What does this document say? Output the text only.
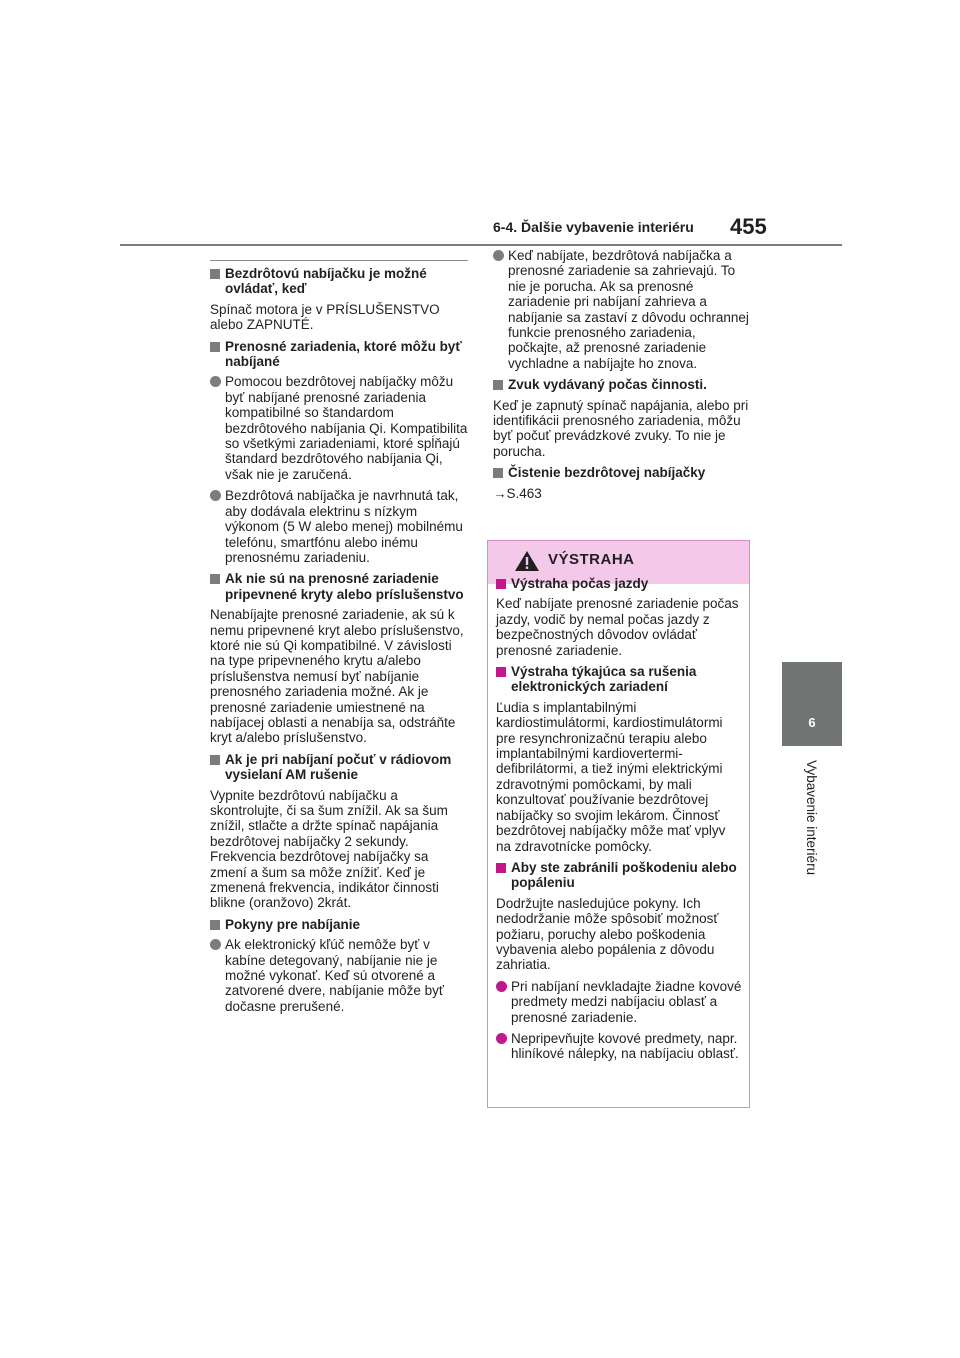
6-4. Ďalšie vybavenie interiéru 455
6
Vybavenie interiéru
Bezdrôtovú nabíjačku je možné ovládať, keď
Spínač motora je v PRÍSLUŠENSTVO alebo ZAPNUTÉ.
Prenosné zariadenia, ktoré môžu byť nabíjané
Pomocou bezdrôtovej nabíjačky môžu byť nabíjané prenosné zariadenia kompatibilné so štandardom bezdrôtového nabíjania Qi. Kompatibilita so všetkými zariadeniami, ktoré spĺňajú štandard bezdrôtového nabíjania Qi, však nie je zaručená.
Bezdrôtová nabíjačka je navrhnutá tak, aby dodávala elektrinu s nízkym výkonom (5 W alebo menej) mobilnému telefónu, smartfónu alebo inému prenosnému zariadeniu.
Ak nie sú na prenosné zariadenie pripevnené kryty alebo príslušenstvo
Nenabíjajte prenosné zariadenie, ak sú k nemu pripevnené kryt alebo príslušenstvo, ktoré nie sú Qi kompatibilné. V závislosti na type pripevneného krytu a/alebo príslušenstva nemusí byť nabíjanie prenosného zariadenia možné. Ak je prenosné zariadenie umiestnené na nabíjacej oblasti a nenabíja sa, odstráňte kryt a/alebo príslušenstvo.
Ak je pri nabíjaní počuť v rádiovom vysielaní AM rušenie
Vypnite bezdrôtovú nabíjačku a skontrolujte, či sa šum znížil. Ak sa šum znížil, stlačte a držte spínač napájania bezdrôtovej nabíjačky 2 sekundy. Frekvencia bezdrôtovej nabíjačky sa zmení a šum sa môže znížiť. Keď je zmenená frekvencia, indikátor činnosti blikne (oranžovo) 2krát.
Pokyny pre nabíjanie
Ak elektronický kľúč nemôže byť v kabíne detegovaný, nabíjanie nie je možné vykonať. Keď sú otvorené a zatvorené dvere, nabíjanie môže byť dočasne prerušené.
Keď nabíjate, bezdrôtová nabíjačka a prenosné zariadenie sa zahrievajú. To nie je porucha. Ak sa prenosné zariadenie pri nabíjaní zahrieva a nabíjanie sa zastaví z dôvodu ochrannej funkcie prenosného zariadenia, počkajte, až prenosné zariadenie vychladne a nabíjajte ho znova.
Zvuk vydávaný počas činnosti.
Keď je zapnutý spínač napájania, alebo pri identifikácii prenosného zariadenia, môžu byť počuť prevádzkové zvuky. To nie je porucha.
Čistenie bezdrôtovej nabíjačky
→S.463
VÝSTRAHA
Výstraha počas jazdy
Keď nabíjate prenosné zariadenie počas jazdy, vodič by nemal počas jazdy z bezpečnostných dôvodov ovládať prenosné zariadenie.
Výstraha týkajúca sa rušenia elektronických zariadení
Ľudia s implantabilnými kardiostimulátormi, kardiostimulátormi pre resynchronizačnú terapiu alebo implantabilnými kardiovertermi-defibrilátormi, a tiež inými elektrickými zdravotnými pomôckami, by mali konzultovať používanie bezdrôtovej nabíjačky so svojim lekárom. Činnosť bezdrôtovej nabíjačky môže mať vplyv na zdravotnícke pomôcky.
Aby ste zabránili poškodeniu alebo popáleniu
Dodržujte nasledujúce pokyny. Ich nedodržanie môže spôsobiť možnosť požiaru, poruchy alebo poškodenia vybavenia alebo popálenia z dôvodu zahriatia.
Pri nabíjaní nevkladajte žiadne kovové predmety medzi nabíjaciu oblasť a prenosné zariadenie.
Nepripevňujte kovové predmety, napr. hliníkové nálepky, na nabíjaciu oblasť.
